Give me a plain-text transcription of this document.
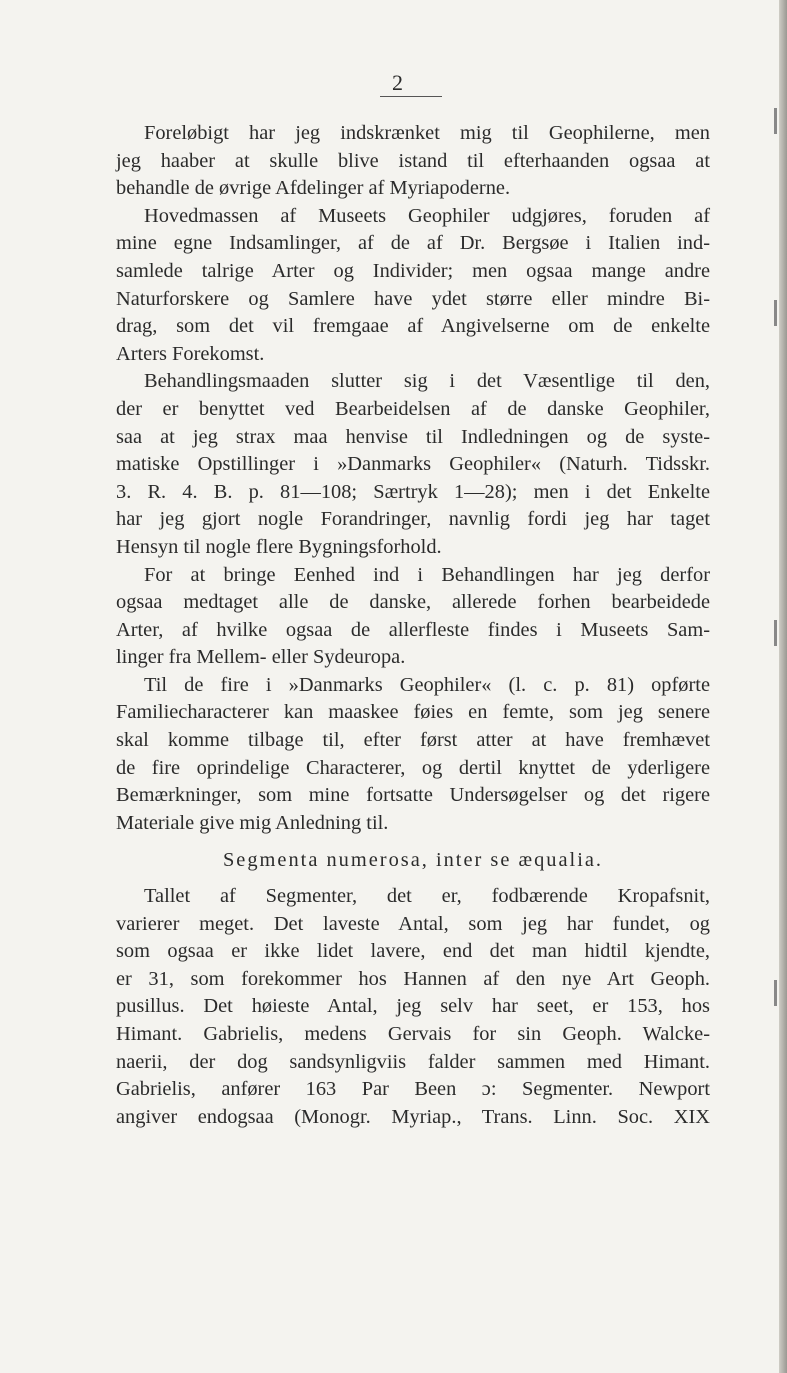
2
Foreløbigt har jeg indskrænket mig til Geophilerne, men
jeg haaber at skulle blive istand til efterhaanden ogsaa at
behandle de øvrige Afdelinger af Myriapoderne.
Hovedmassen af Museets Geophiler udgjøres, foruden af
mine egne Indsamlinger, af de af Dr. Bergsøe i Italien ind-
samlede talrige Arter og Individer; men ogsaa mange andre
Naturforskere og Samlere have ydet større eller mindre Bi-
drag, som det vil fremgaae af Angivelserne om de enkelte
Arters Forekomst.
Behandlingsmaaden slutter sig i det Væsentlige til den,
der er benyttet ved Bearbeidelsen af de danske Geophiler,
saa at jeg strax maa henvise til Indledningen og de syste-
matiske Opstillinger i »Danmarks Geophiler« (Naturh. Tidsskr.
3. R. 4. B. p. 81—108; Særtryk 1—28); men i det Enkelte
har jeg gjort nogle Forandringer, navnlig fordi jeg har taget
Hensyn til nogle flere Bygningsforhold.
For at bringe Eenhed ind i Behandlingen har jeg derfor
ogsaa medtaget alle de danske, allerede forhen bearbeidede
Arter, af hvilke ogsaa de allerfleste findes i Museets Sam-
linger fra Mellem- eller Sydeuropa.
Til de fire i »Danmarks Geophiler« (l. c. p. 81) opførte
Familiecharacterer kan maaskee føies en femte, som jeg senere
skal komme tilbage til, efter først atter at have fremhævet
de fire oprindelige Characterer, og dertil knyttet de yderligere
Bemærkninger, som mine fortsatte Undersøgelser og det rigere
Materiale give mig Anledning til.
Segmenta numerosa, inter se æqualia.
Tallet af Segmenter, det er, fodbærende Kropafsnit,
varierer meget. Det laveste Antal, som jeg har fundet, og
som ogsaa er ikke lidet lavere, end det man hidtil kjendte,
er 31, som forekommer hos Hannen af den nye Art Geoph.
pusillus. Det høieste Antal, jeg selv har seet, er 153, hos
Himant. Gabrielis, medens Gervais for sin Geoph. Walcke-
naerii, der dog sandsynligviis falder sammen med Himant.
Gabrielis, anfører 163 Par Been ɔ: Segmenter. Newport
angiver endogsaa (Monogr. Myriap., Trans. Linn. Soc. XIX
